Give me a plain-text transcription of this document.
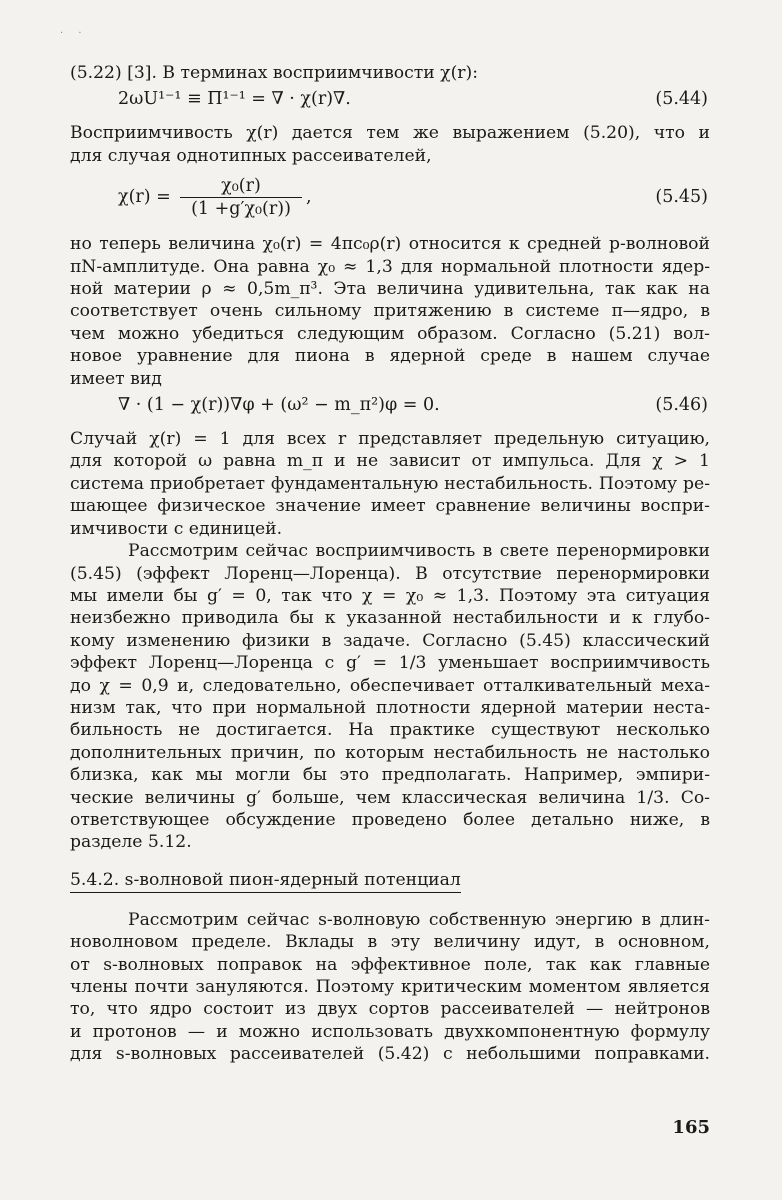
· ·
(5.22) [3]. В терминах восприимчивости χ(r):
2ωU¹⁻¹ ≡ Π¹⁻¹ = ∇ · χ(r)∇.	(5.44)
Восприимчивость χ(r) дается тем же выражением (5.20), что и
для случая однотипных рассеивателей,
$\chi(r) = \frac{\text{χ₀(r)}}{\text{(1 +g′χ₀(r))}}$ ,	(5.45)
но теперь величина χ₀(r) = 4πc₀ρ(r) относится к средней p-волновой
πN-амплитуде. Она равна χ₀ ≈ 1,3 для нормальной плотности ядер-
ной материи ρ ≈ 0,5m_π³. Эта величина удивительна, так как на
соответствует очень сильному притяжению в системе π—ядро, в
чем можно убедиться следующим образом. Согласно (5.21) вол-
новое уравнение для пиона в ядерной среде в нашем случае
имеет вид
∇ · (1 − χ(r))∇φ + (ω² − m_π²)φ = 0.	(5.46)
Случай χ(r) = 1 для всех r представляет предельную ситуацию,
для которой ω равна m_π и не зависит от импульса. Для χ > 1
система приобретает фундаментальную нестабильность. Поэтому ре-
шающее физическое значение имеет сравнение величины воспри-
имчивости с единицей.
Рассмотрим сейчас восприимчивость в свете перенормировки
(5.45) (эффект Лоренц—Лоренца). В отсутствие перенормировки
мы имели бы g′ = 0, так что χ = χ₀ ≈ 1,3. Поэтому эта ситуация
неизбежно приводила бы к указанной нестабильности и к глубо-
кому изменению физики в задаче. Согласно (5.45) классический
эффект Лоренц—Лоренца с g′ = 1/3 уменьшает восприимчивость
до χ = 0,9 и, следовательно, обеспечивает отталкивательный меха-
низм так, что при нормальной плотности ядерной материи неста-
бильность не достигается. На практике существуют несколько
дополнительных причин, по которым нестабильность не настолько
близка, как мы могли бы это предполагать. Например, эмпири-
ческие величины g′ больше, чем классическая величина 1/3. Со-
ответствующее обсуждение проведено более детально ниже, в
разделе 5.12.
5.4.2. s-волновой пион-ядерный потенциал
Рассмотрим сейчас s-волновую собственную энергию в длин-
новолновом пределе. Вклады в эту величину идут, в основном,
от s-волновых поправок на эффективное поле, так как главные
члены почти зануляются. Поэтому критическим моментом является
то, что ядро состоит из двух сортов рассеивателей — нейтронов
и протонов — и можно использовать двухкомпонентную формулу
для s-волновых рассеивателей (5.42) с небольшими поправками.
165
